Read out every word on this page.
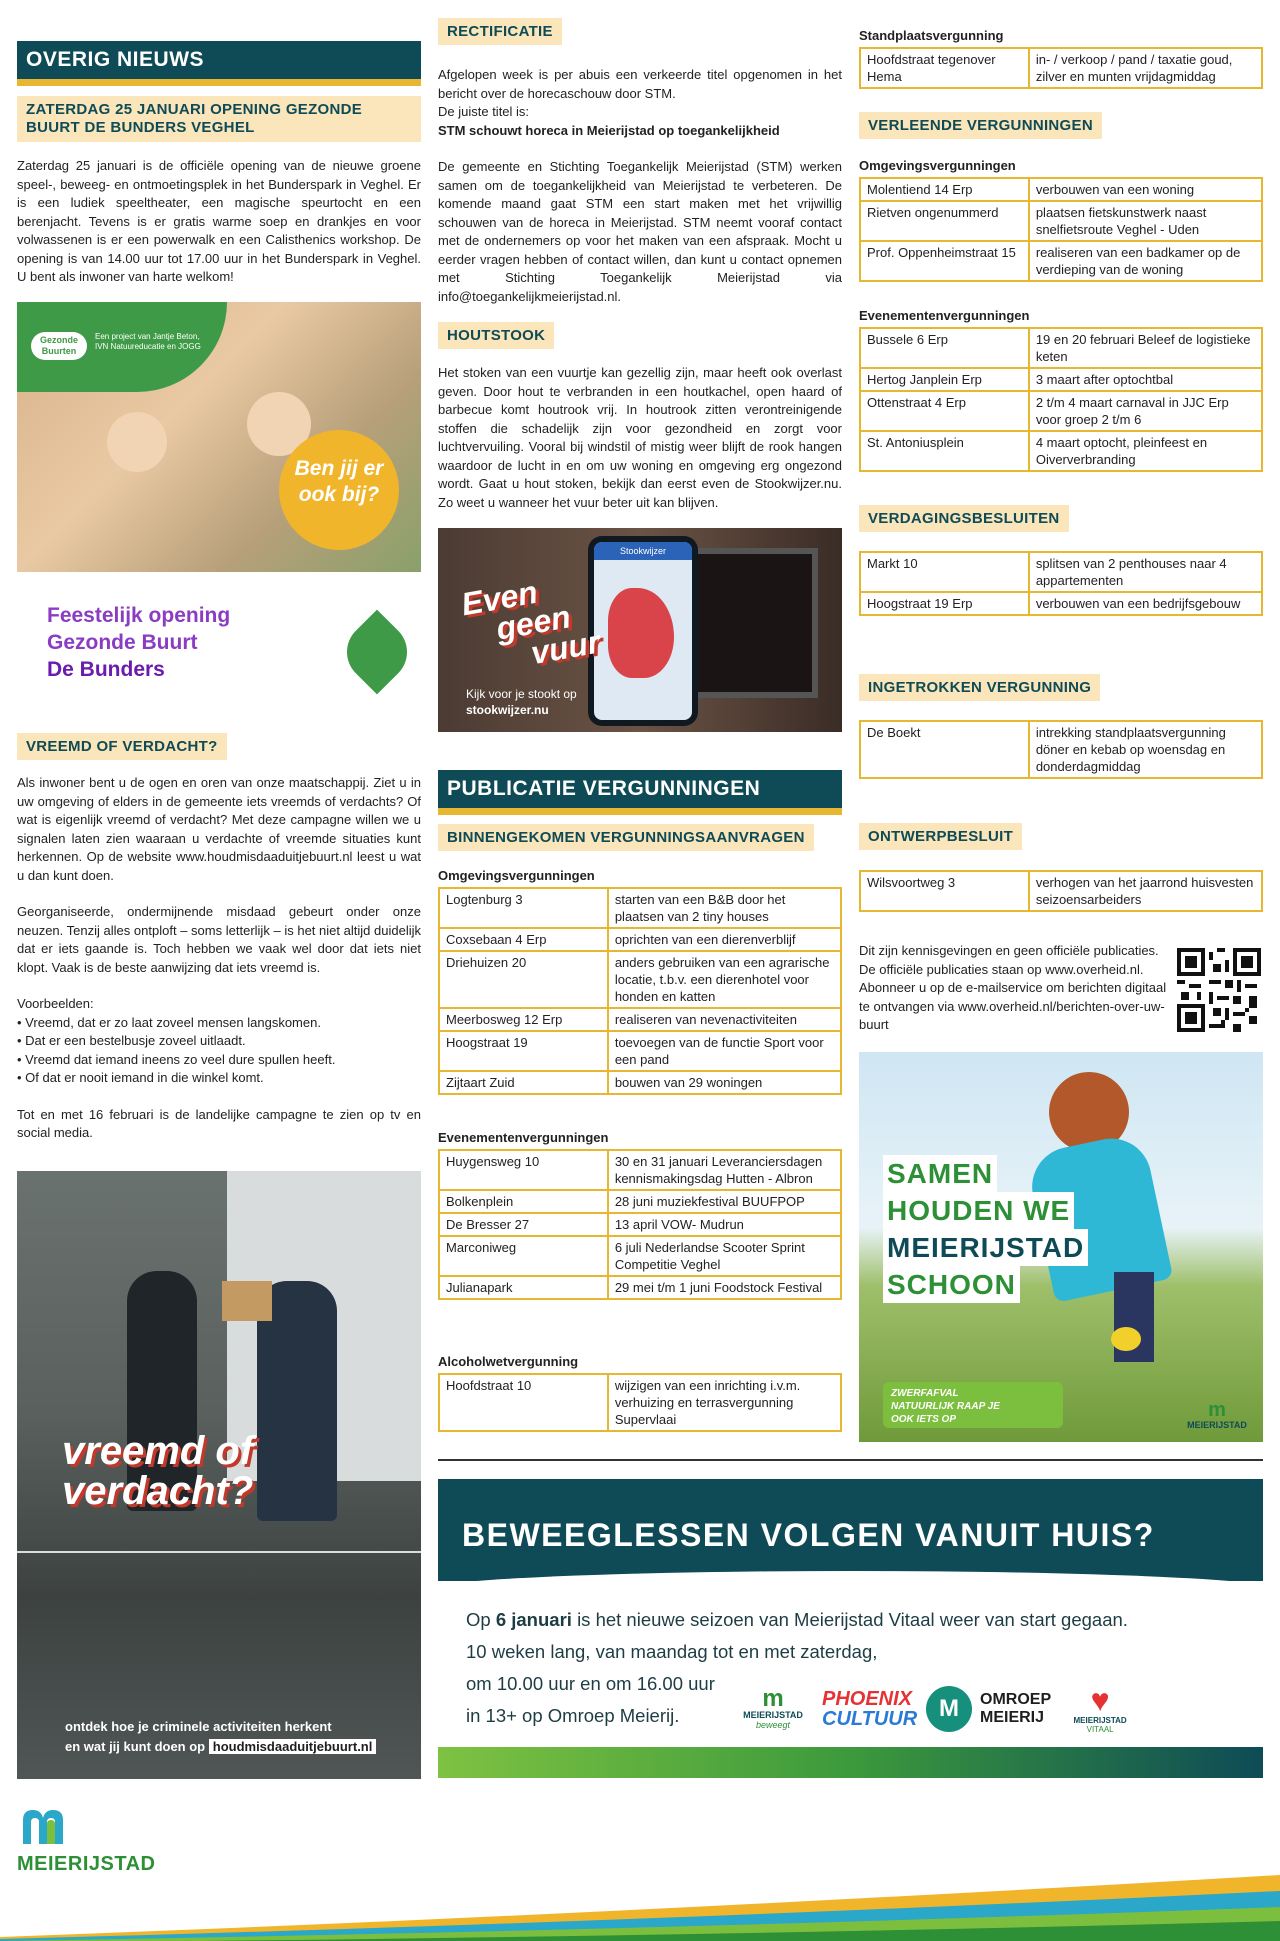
OVERIG NIEUWS
ZATERDAG 25 JANUARI OPENING GEZONDE BUURT DE BUNDERS VEGHEL
Zaterdag 25 januari is de officiële opening van de nieuwe groene speel-, beweeg- en ontmoetingsplek in het Bunderspark in Veghel. Er is een ludiek speeltheater, een magische speurtocht en een berenjacht. Tevens is er gratis warme soep en drankjes en voor volwassenen is er een powerwalk en een Calisthenics workshop. De opening is van 14.00 uur tot 17.00 uur in het Bunderspark in Veghel. U bent als inwoner van harte welkom!
Gezonde Buurten
Een project van Jantje Beton, IVN Natuureducatie en JOGG
Ben jij er
ook bij?
Feestelijk opening
Gezonde Buurt
De Bunders
VREEMD OF VERDACHT?

Als inwoner bent u de ogen en oren van onze maatschappij. Ziet u in uw omgeving of elders in de gemeente iets vreemds of verdachts? Of wat is eigenlijk vreemd of verdacht? Met deze campagne willen we u signalen laten zien waaraan u verdachte of vreemde situaties kunt herkennen. Op de website www.houdmisdaaduitjebuurt.nl leest u wat u dan kunt doen.

Georganiseerde, ondermijnende misdaad gebeurt onder onze neuzen. Tenzij alles ontploft – soms letterlijk – is het niet altijd duidelijk dat er iets gaande is. Toch hebben we vaak wel door dat iets niet klopt. Vaak is de beste aanwijzing dat iets vreemd is.

Voorbeelden:
• Vreemd, dat er zo laat zoveel mensen langskomen.
• Dat er een bestelbusje zoveel uitlaadt.
• Vreemd dat iemand ineens zo veel dure spullen heeft.
• Of dat er nooit iemand in die winkel komt.

Tot en met 16 februari is de landelijke campagne te zien op tv en social media.

vreemd of
verdacht?
ontdek hoe je criminele activiteiten herkent
en wat jij kunt doen op houdmisdaaduitjebuurt.nl
RECTIFICATIE
Afgelopen week is per abuis een verkeerde titel opgenomen in het bericht over de horecaschouw door STM.
De juiste titel is:
STM schouwt horeca in Meierijstad op toegankelijkheid
De gemeente en Stichting Toegankelijk Meierijstad (STM) werken samen om de toegankelijkheid van Meierijstad te verbeteren. De komende maand gaat STM een start maken met het vrijwillig schouwen van de horeca in Meierijstad. STM neemt vooraf contact met de ondernemers op voor het maken van een afspraak. Mocht u eerder vragen hebben of contact willen, dan kunt u contact opnemen met Stichting Toegankelijk Meierijstad via info@toegankelijkmeierijstad.nl.
HOUTSTOOK
Het stoken van een vuurtje kan gezellig zijn, maar heeft ook overlast geven. Door hout te verbranden in een houtkachel, open haard of barbecue komt houtrook vrij. In houtrook zitten verontreinigende stoffen die schadelijk zijn voor gezondheid en zorgt voor luchtvervuiling. Vooral bij windstil of mistig weer blijft de rook hangen waardoor de lucht in en om uw woning en omgeving erg ongezond wordt. Gaat u hout stoken, bekijk dan eerst even de Stookwijzer.nu. Zo weet u wanneer het vuur beter uit kan blijven.
Stookwijzer
Even
geen
vuur
Kijk voor je stookt op
stookwijzer.nu
PUBLICATIE VERGUNNINGEN
BINNENGEKOMEN VERGUNNINGSAANVRAGEN
Omgevingsvergunningen
Logtenburg 3	starten van een B&B door het plaatsen van 2 tiny houses
Coxsebaan 4 Erp	oprichten van een dierenverblijf
Driehuizen 20	anders gebruiken van een agrarische locatie, t.b.v. een dierenhotel voor honden en katten
Meerbosweg 12 Erp	realiseren van nevenactiviteiten
Hoogstraat 19	toevoegen van de functie Sport voor een pand
Zijtaart Zuid	bouwen van 29 woningen
Evenementenvergunningen
Huygensweg 10	30 en 31 januari Leveranciersdagen kennismakingsdag Hutten - Albron
Bolkenplein	28 juni muziekfestival BUUFPOP
De Bresser 27	13 april VOW- Mudrun
Marconiweg	6 juli Nederlandse Scooter Sprint Competitie Veghel
Julianapark	29 mei t/m 1 juni Foodstock Festival
Alcoholwetvergunning
Hoofdstraat 10	wijzigen van een inrichting i.v.m. verhuizing en terrasvergunning Supervlaai
Standplaatsvergunning
Hoofdstraat tegenover Hema	in- / verkoop / pand / taxatie goud, zilver en munten vrijdagmiddag
VERLEENDE VERGUNNINGEN
Omgevingsvergunningen
Molentiend 14 Erp	verbouwen van een woning
Rietven ongenummerd	plaatsen fietskunstwerk naast snelfietsroute Veghel - Uden
Prof. Oppenheimstraat 15	realiseren van een badkamer op de verdieping van de woning
Evenementenvergunningen
Bussele 6 Erp	19 en 20 februari Beleef de logistieke keten
Hertog Janplein Erp	3 maart after optochtbal
Ottenstraat 4 Erp	2 t/m 4 maart carnaval in JJC Erp voor groep 2 t/m 6
St. Antoniusplein	4 maart optocht, pleinfeest en Oiververbranding
VERDAGINGSBESLUITEN
Markt 10	splitsen van 2 penthouses naar 4 appartementen
Hoogstraat 19 Erp	verbouwen van een bedrijfsgebouw
INGETROKKEN VERGUNNING
De Boekt	intrekking standplaatsvergunning döner en kebab op woensdag en donderdagmiddag
ONTWERPBESLUIT
Wilsvoortweg 3	verhogen van het jaarrond huisvesten seizoensarbeiders
Dit zijn kennisgevingen en geen officiële publicaties. De officiële publicaties staan op www.overheid.nl. Abonneer u op de e-mailservice om berichten digitaal te ontvangen via www.overheid.nl/berichten-over-uw-buurt
SAMEN
HOUDEN WE
MEIERIJSTAD
SCHOON
ZWERFAFVAL
NATUURLIJK RAAP JE
OOK IETS OP	m
MEIERIJSTAD
BEWEEGLESSEN VOLGEN VANUIT HUIS?
Op 6 januari is het nieuwe seizoen van Meierijstad Vitaal weer van start gegaan.
10 weken lang, van maandag tot en met zaterdag,
om 10.00 uur en om 16.00 uur
in 13+ op Omroep Meierij.
m
MEIERIJSTAD
beweegt
PHOENIX
CULTUUR M	OMROEP
MEIERIJ	♥
MEIERIJSTAD
VITAAL
MEIERIJSTAD
